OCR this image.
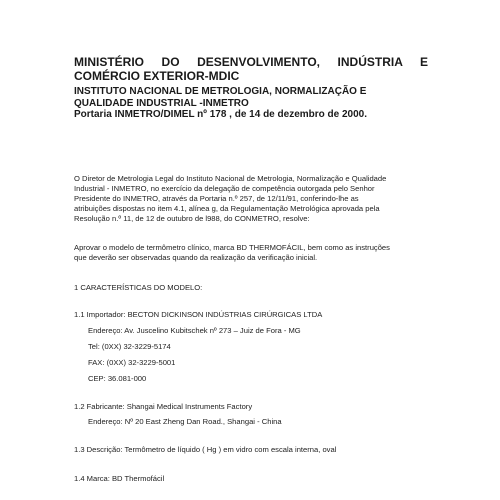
MINISTÉRIO DO DESENVOLVIMENTO, INDÚSTRIA E

COMÉRCIO EXTERIOR-MDIC

INSTITUTO NACIONAL DE METROLOGIA, NORMALIZAÇÃO E

QUALIDADE INDUSTRIAL -INMETRO

Portaria INMETRO/DIMEL nº 178 , de 14 de dezembro de 2000.

O Diretor de Metrologia Legal do Instituto Nacional de Metrologia, Normalização e Qualidade

Industrial - INMETRO, no exercício da delegação de competência outorgada pelo Senhor

Presidente do INMETRO, através da Portaria n.º 257, de 12/11/91, conferindo-lhe as

atribuições dispostas no item 4.1, alínea g, da Regulamentação Metrológica aprovada pela

Resolução n.º 11, de 12 de outubro de l988, do CONMETRO, resolve:

Aprovar o modelo de termômetro clínico, marca BD THERMOFÁCIL, bem como as instruções

que deverão ser observadas quando da realização da verificação inicial.

1 CARACTERÍSTICAS DO MODELO:

1.1 Importador: BECTON DICKINSON INDÚSTRIAS CIRÚRGICAS LTDA

Endereço: Av. Juscelino Kubitschek nº 273 – Juiz de Fora - MG

Tel: (0XX) 32-3229-5174

FAX: (0XX) 32-3229-5001

CEP: 36.081-000

1.2 Fabricante: Shangai Medical Instruments Factory

Endereço: Nº 20 East Zheng Dan Road., Shangai - China

1.3 Descrição: Termômetro de líquido ( Hg ) em vidro com escala interna, oval

1.4 Marca: BD Thermofácil
